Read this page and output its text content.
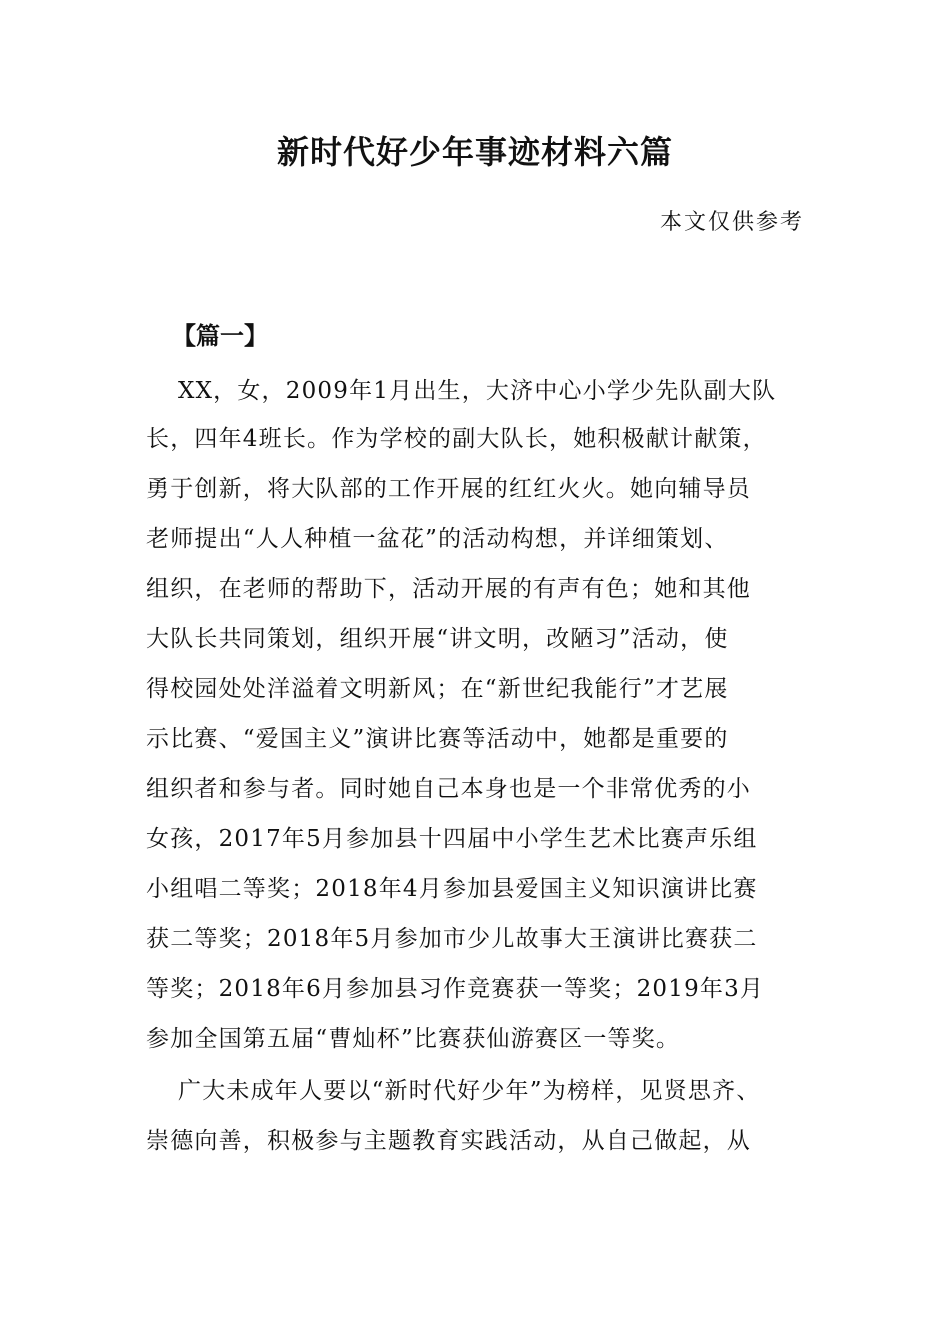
新时代好少年事迹材料六篇
本文仅供参考
【篇一】
XX，女，2009年1月出生，大济中心小学少先队副大队
长，四年4班长。作为学校的副大队长，她积极献计献策，
勇于创新，将大队部的工作开展的红红火火。她向辅导员
老师提出“人人种植一盆花”的活动构想，并详细策划、
组织，在老师的帮助下，活动开展的有声有色；她和其他
大队长共同策划，组织开展“讲文明，改陋习”活动，使
得校园处处洋溢着文明新风；在“新世纪我能行”才艺展
示比赛、“爱国主义”演讲比赛等活动中，她都是重要的
组织者和参与者。同时她自己本身也是一个非常优秀的小
女孩，2017年5月参加县十四届中小学生艺术比赛声乐组
小组唱二等奖；2018年4月参加县爱国主义知识演讲比赛
获二等奖；2018年5月参加市少儿故事大王演讲比赛获二
等奖；2018年6月参加县习作竞赛获一等奖；2019年3月
参加全国第五届“曹灿杯”比赛获仙游赛区一等奖。
广大未成年人要以“新时代好少年”为榜样，见贤思齐、
崇德向善，积极参与主题教育实践活动，从自己做起，从
